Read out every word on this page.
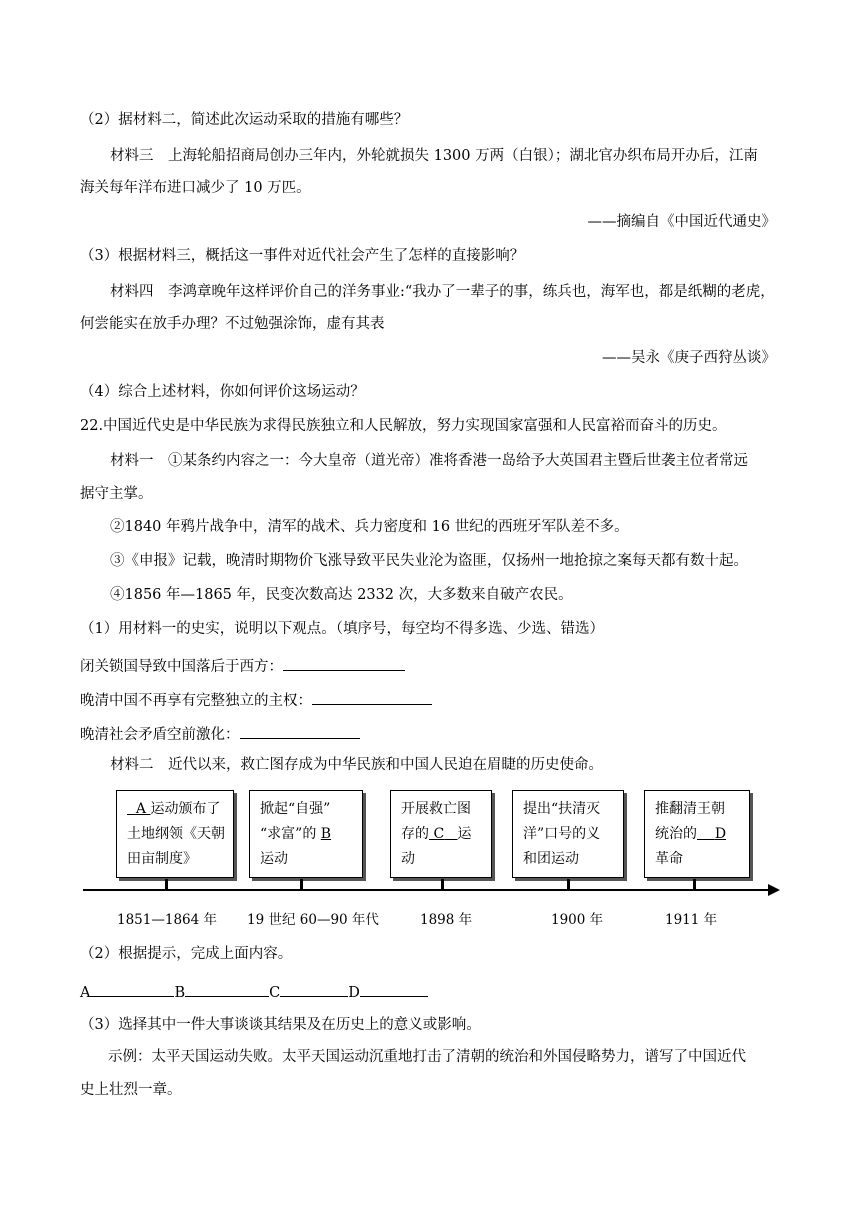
（2）据材料二，简述此次运动采取的措施有哪些？
材料三　上海轮船招商局创办三年内，外轮就损失 1300 万两（白银）；湖北官办织布局开办后，江南
海关每年洋布进口减少了 10 万匹。
——摘编自《中国近代通史》
（3）根据材料三，概括这一事件对近代社会产生了怎样的直接影响？
材料四　李鸿章晚年这样评价自己的洋务事业:“我办了一辈子的事，练兵也，海军也，都是纸糊的老虎，
何尝能实在放手办理？不过勉强涂饰，虚有其表
——吴永《庚子西狩丛谈》
（4）综合上述材料，你如何评价这场运动？
22.中国近代史是中华民族为求得民族独立和人民解放，努力实现国家富强和人民富裕而奋斗的历史。
材料一　①某条约内容之一：今大皇帝（道光帝）准将香港一岛给予大英国君主暨后世袭主位者常远
据守主掌。
②1840 年鸦片战争中，清军的战术、兵力密度和 16 世纪的西班牙军队差不多。
③《申报》记载，晚清时期物价飞涨导致平民失业沦为盗匪，仅扬州一地抢掠之案每天都有数十起。
④1856 年—1865 年，民变次数高达 2332 次，大多数来自破产农民。
（1）用材料一的史实，说明以下观点。（填序号，每空均不得多选、少选、错选）
闭关锁国导致中国落后于西方：
晚清中国不再享有完整独立的主权：
晚清社会矛盾空前激化：
材料二　近代以来，救亡图存成为中华民族和中国人民迫在眉睫的历史使命。
A 运动颁布了
土地纲领《天朝
田亩制度》
掀起“自强”
“求富”的 B
运动
开展救亡图
存的 C 运
动
提出“扶清灭
洋”口号的义
和团运动
推翻清王朝
统治的 D
革命
1851—1864 年 19 世纪 60—90 年代	1898 年	1900 年	1911 年
（2）根据提示，完成上面内容。
A	B	C	D
（3）选择其中一件大事谈谈其结果及在历史上的意义或影响。
示例：太平天国运动失败。太平天国运动沉重地打击了清朝的统治和外国侵略势力，谱写了中国近代
史上壮烈一章。
